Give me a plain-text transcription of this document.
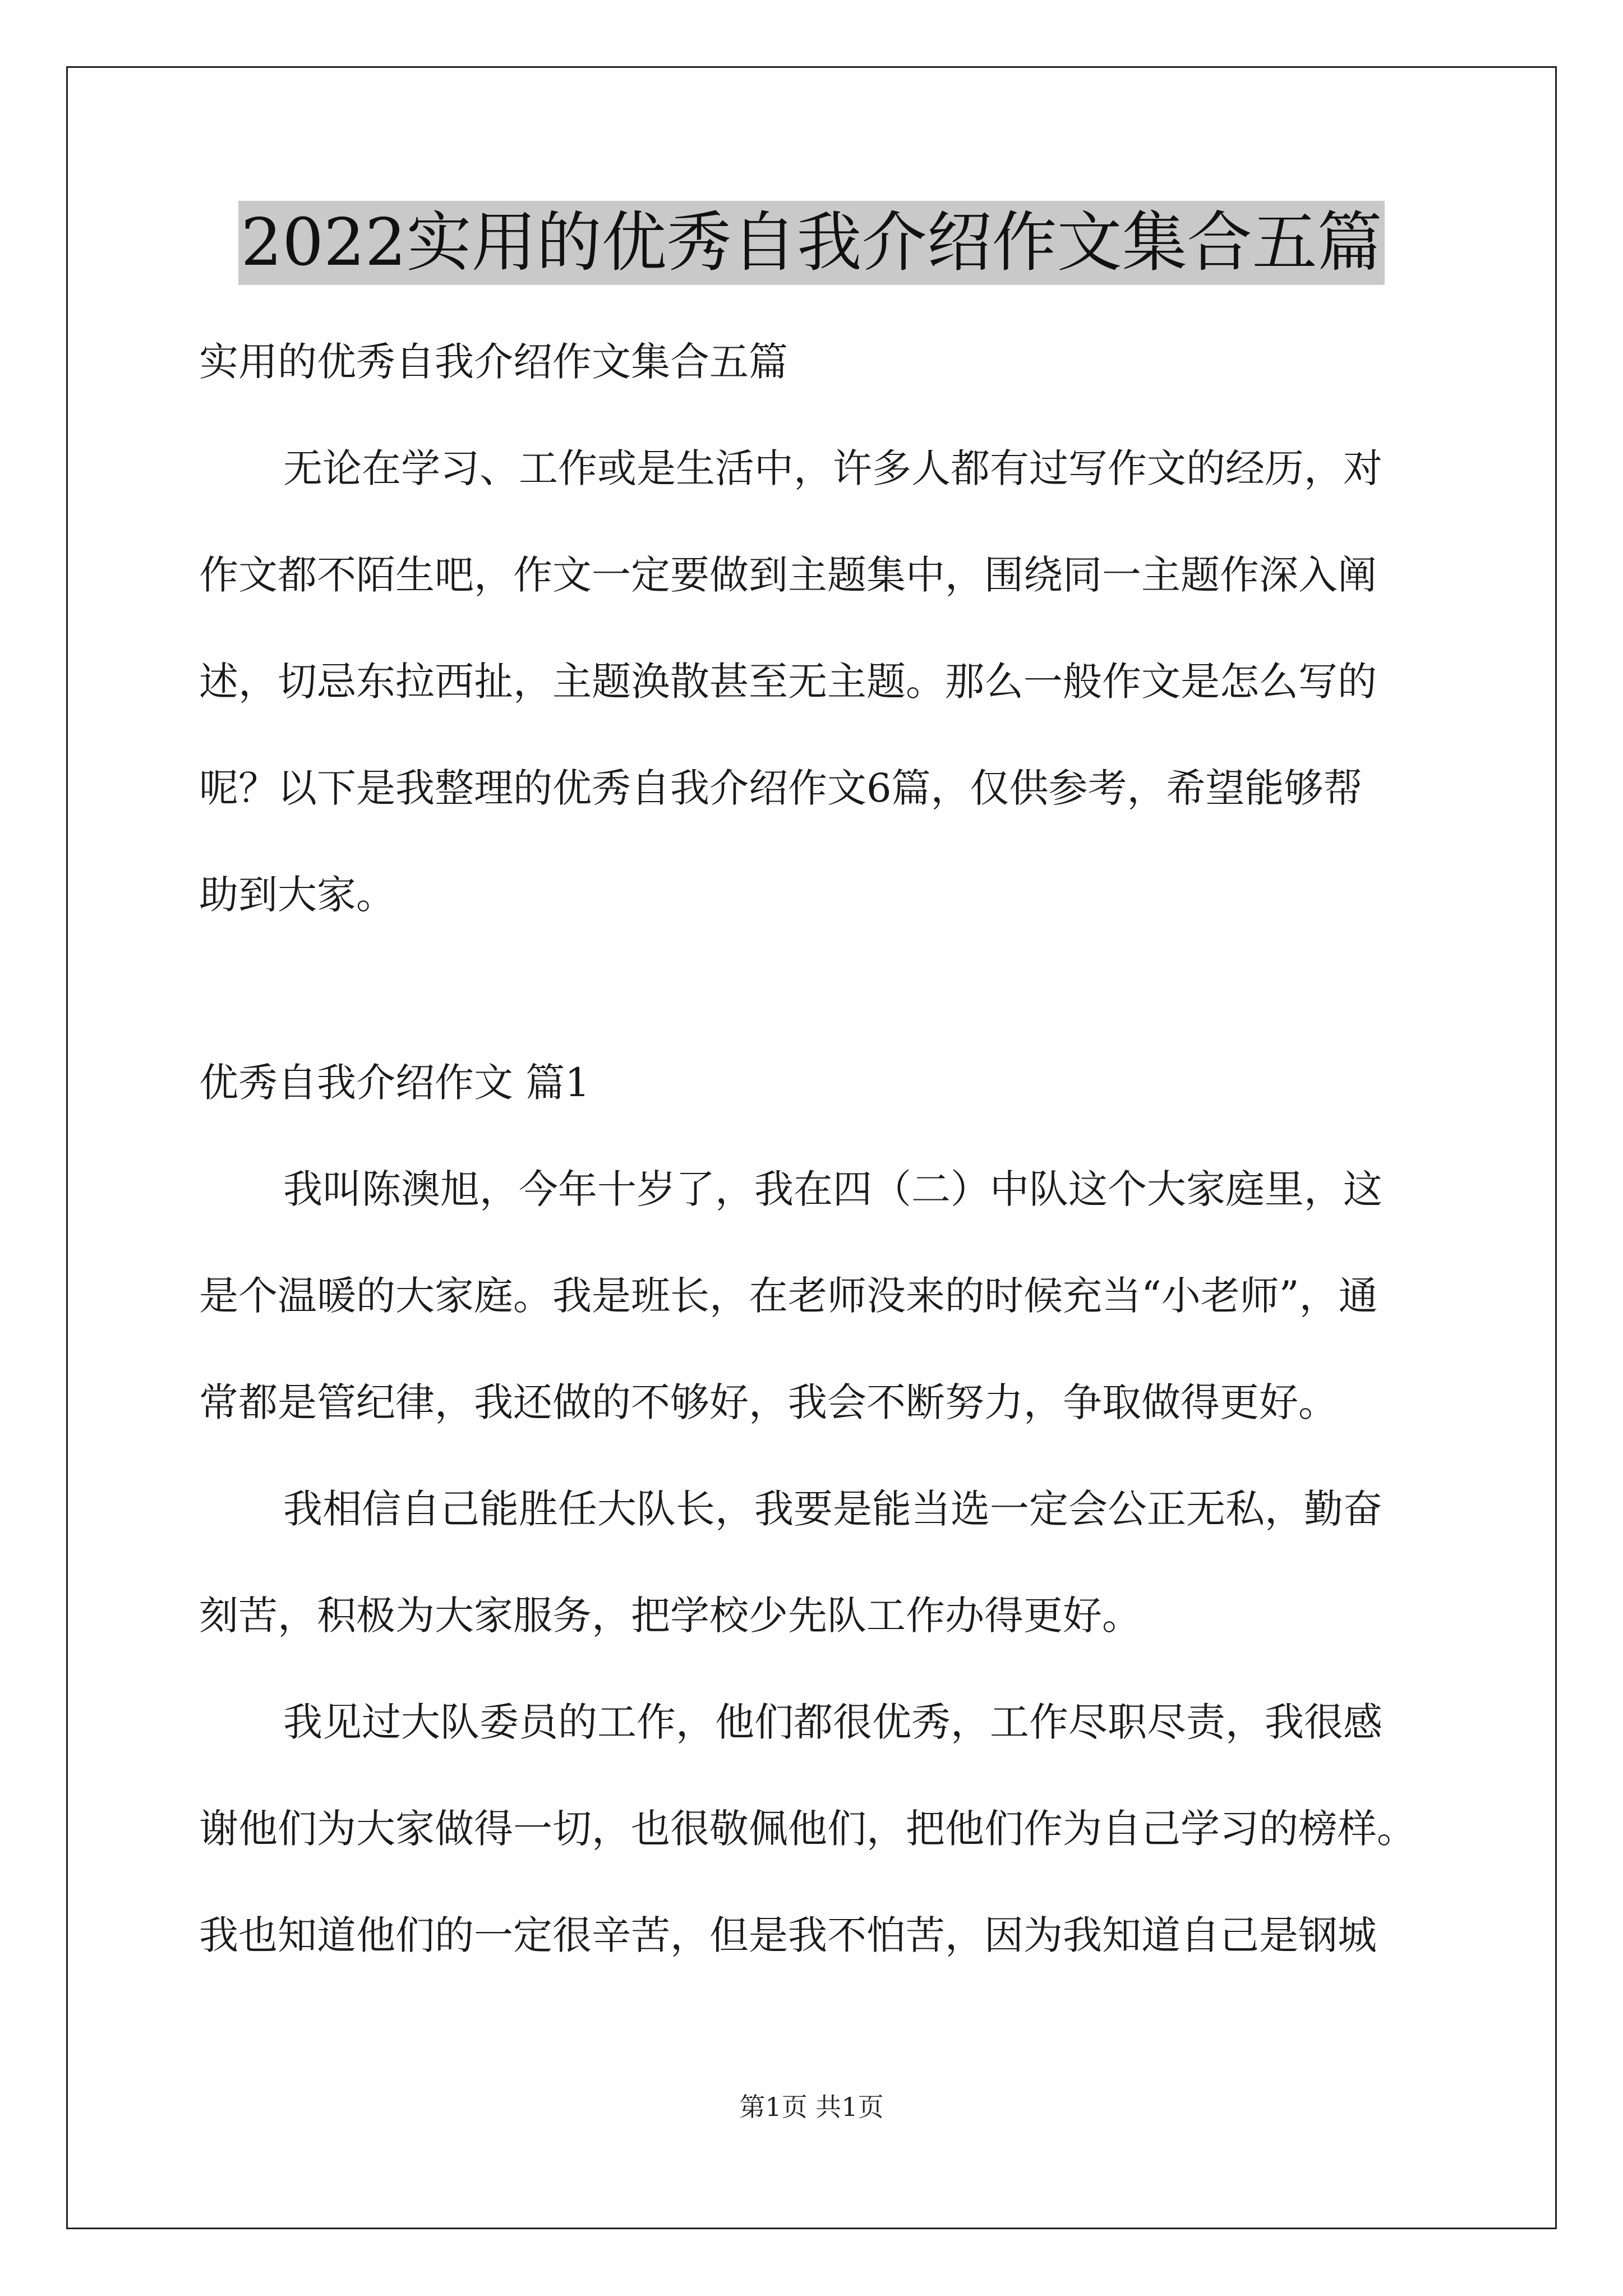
2022实用的优秀自我介绍作文集合五篇
实用的优秀自我介绍作文集合五篇
无论在学习、工作或是生活中，许多人都有过写作文的经历，对
作文都不陌生吧，作文一定要做到主题集中，围绕同一主题作深入阐
述，切忌东拉西扯，主题涣散甚至无主题。那么一般作文是怎么写的
呢？以下是我整理的优秀自我介绍作文6篇，仅供参考，希望能够帮
助到大家。
优秀自我介绍作文 篇1
我叫陈澳旭，今年十岁了，我在四（二）中队这个大家庭里，这
是个温暖的大家庭。我是班长，在老师没来的时候充当“小老师”，通
常都是管纪律，我还做的不够好，我会不断努力，争取做得更好。
我相信自己能胜任大队长，我要是能当选一定会公正无私，勤奋
刻苦，积极为大家服务，把学校少先队工作办得更好。
我见过大队委员的工作，他们都很优秀，工作尽职尽责，我很感
谢他们为大家做得一切，也很敬佩他们，把他们作为自己学习的榜样。
我也知道他们的一定很辛苦，但是我不怕苦，因为我知道自己是钢城
第1页 共1页
